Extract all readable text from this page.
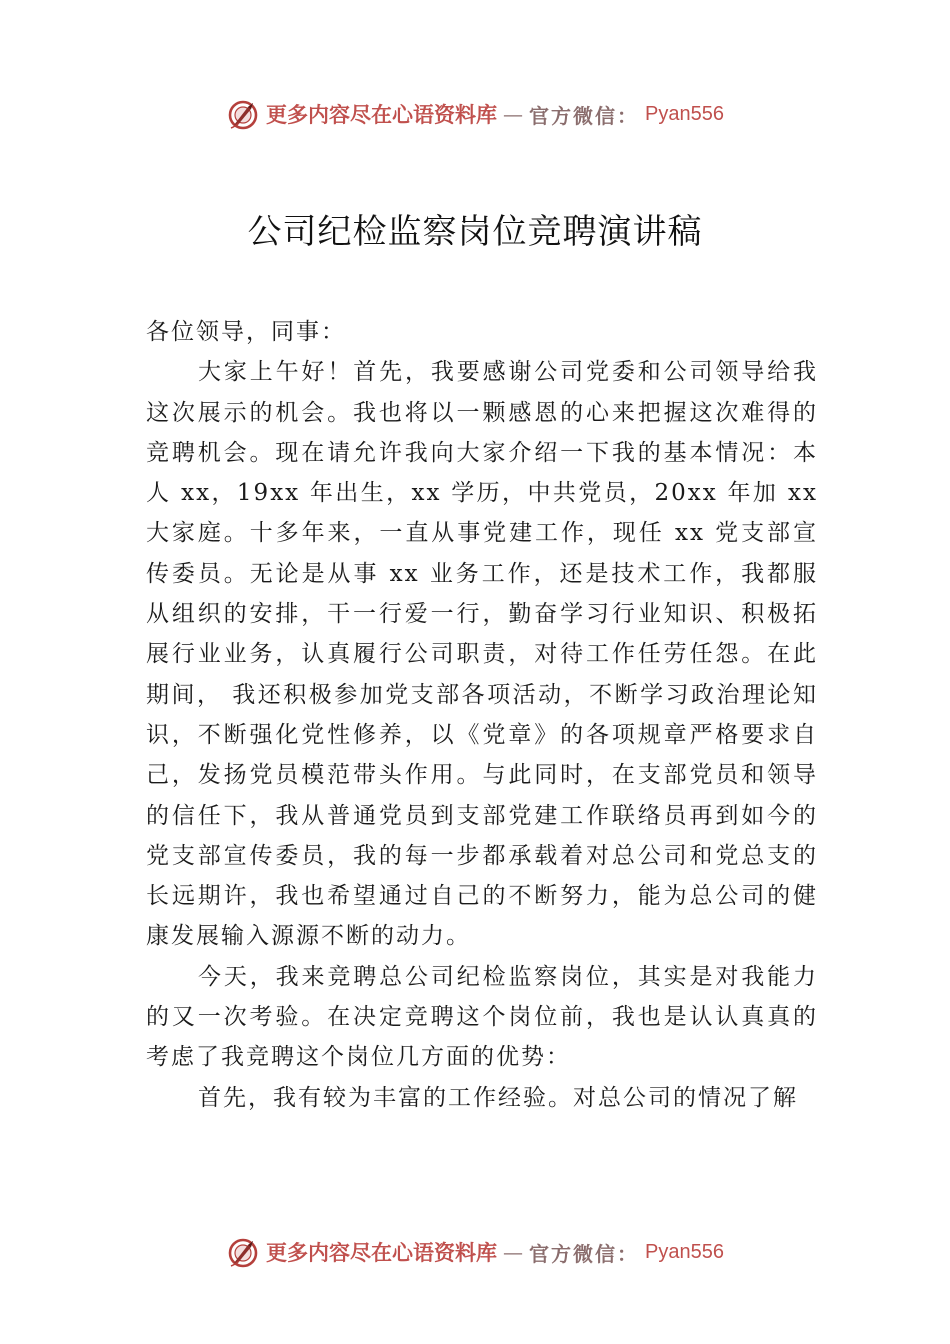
更多内容尽在心语资料库 — 官方微信： Pyan556
公司纪检监察岗位竞聘演讲稿

各位领导，同事：

大家上午好！首先，我要感谢公司党委和公司领导给我这次展示的机会。我也将以一颗感恩的心来把握这次难得的竞聘机会。现在请允许我向大家介绍一下我的基本情况：本人 xx，19xx 年出生，xx 学历，中共党员，20xx 年加 xx 大家庭。十多年来，一直从事党建工作，现任 xx 党支部宣传委员。无论是从事 xx 业务工作，还是技术工作，我都服从组织的安排，干一行爱一行，勤奋学习行业知识、积极拓展行业业务，认真履行公司职责，对待工作任劳任怨。在此期间， 我还积极参加党支部各项活动，不断学习政治理论知识，不断强化党性修养，以《党章》的各项规章严格要求自己，发扬党员模范带头作用。与此同时，在支部党员和领导的信任下，我从普通党员到支部党建工作联络员再到如今的党支部宣传委员，我的每一步都承载着对总公司和党总支的长远期许，我也希望通过自己的不断努力，能为总公司的健康发展输入源源不断的动力。

今天，我来竞聘总公司纪检监察岗位，其实是对我能力的又一次考验。在决定竞聘这个岗位前，我也是认认真真的考虑了我竞聘这个岗位几方面的优势：

首先，我有较为丰富的工作经验。对总公司的情况了解

更多内容尽在心语资料库 — 官方微信： Pyan556
